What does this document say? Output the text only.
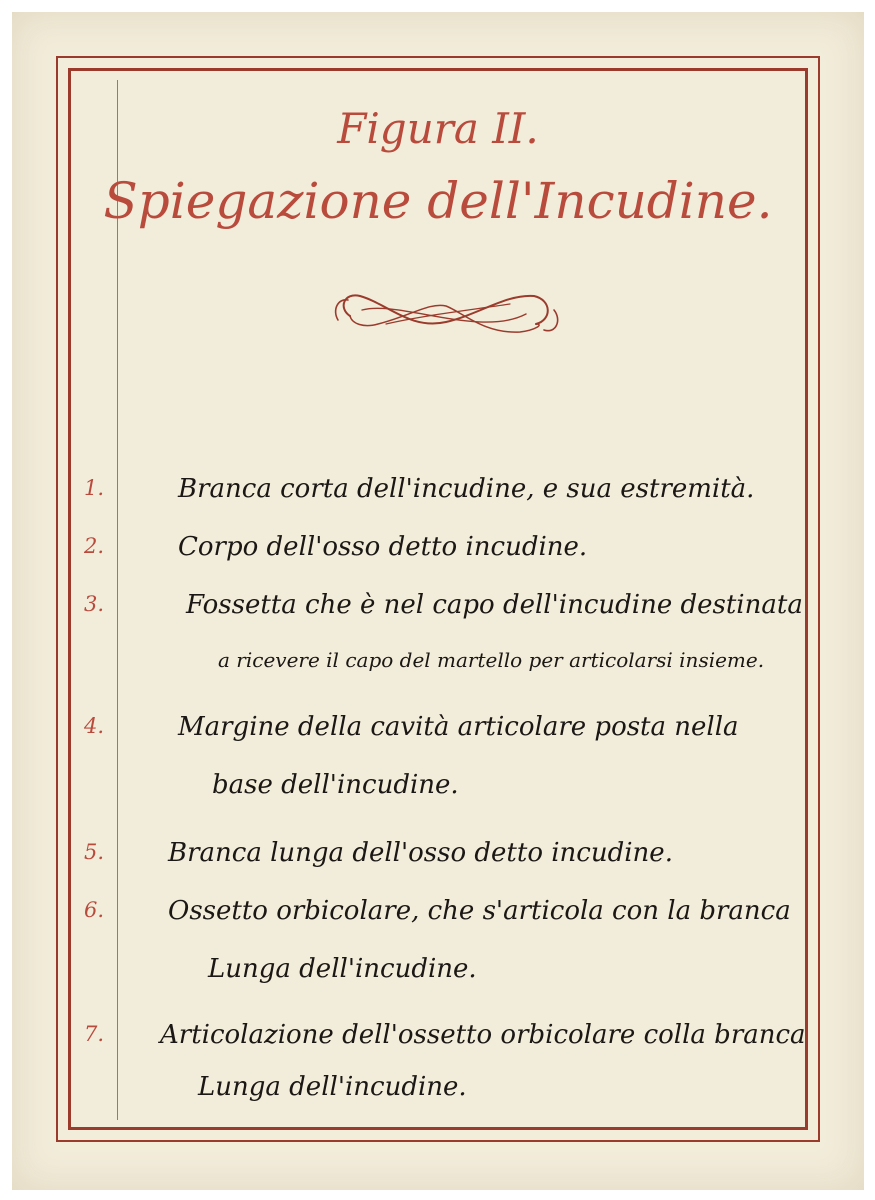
Figura II.
Spiegazione dell'Incudine.
1.	Branca corta dell'incudine, e sua estremità.
2.	Corpo dell'osso detto incudine.
3.	Fossetta che è nel capo dell'incudine destinata
a ricevere il capo del martello per articolarsi insieme.
4.	Margine della cavità articolare posta nella
base dell'incudine.
5. Branca lunga dell'osso detto incudine.
6. Ossetto orbicolare, che s'articola con la branca
Lunga dell'incudine.
7. Articolazione dell'ossetto orbicolare colla branca
Lunga dell'incudine.
